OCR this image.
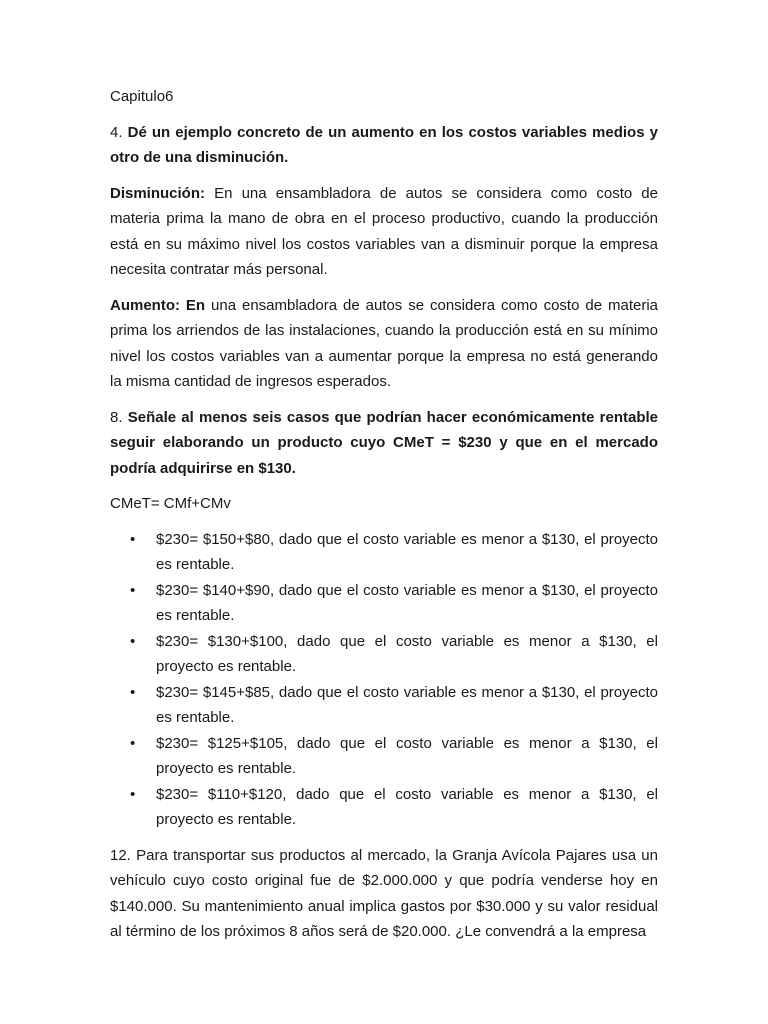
Capitulo6

4. Dé un ejemplo concreto de un aumento en los costos variables medios y otro de una disminución.

Disminución: En una ensambladora de autos se considera como costo de materia prima la mano de obra en el proceso productivo, cuando la producción está en su máximo nivel los costos variables van a disminuir porque la empresa necesita contratar más personal.

Aumento: En una ensambladora de autos se considera como costo de materia prima los arriendos de las instalaciones, cuando la producción está en su mínimo nivel los costos variables van a aumentar porque la empresa no está generando la misma cantidad de ingresos esperados.

8. Señale al menos seis casos que podrían hacer económicamente rentable seguir elaborando un producto cuyo CMeT = $230 y que en el mercado podría adquirirse en $130.

CMeT= CMf+CMv

• $230= $150+$80, dado que el costo variable es menor a $130, el proyecto es rentable.
• $230= $140+$90, dado que el costo variable es menor a $130, el proyecto es rentable.
• $230= $130+$100, dado que el costo variable es menor a $130, el proyecto es rentable.
• $230= $145+$85, dado que el costo variable es menor a $130, el proyecto es rentable.
• $230= $125+$105, dado que el costo variable es menor a $130, el proyecto es rentable.
• $230= $110+$120, dado que el costo variable es menor a $130, el proyecto es rentable.

12. Para transportar sus productos al mercado, la Granja Avícola Pajares usa un vehículo cuyo costo original fue de $2.000.000 y que podría venderse hoy en $140.000. Su mantenimiento anual implica gastos por $30.000 y su valor residual al término de los próximos 8 años será de $20.000. ¿Le convendrá a la empresa
